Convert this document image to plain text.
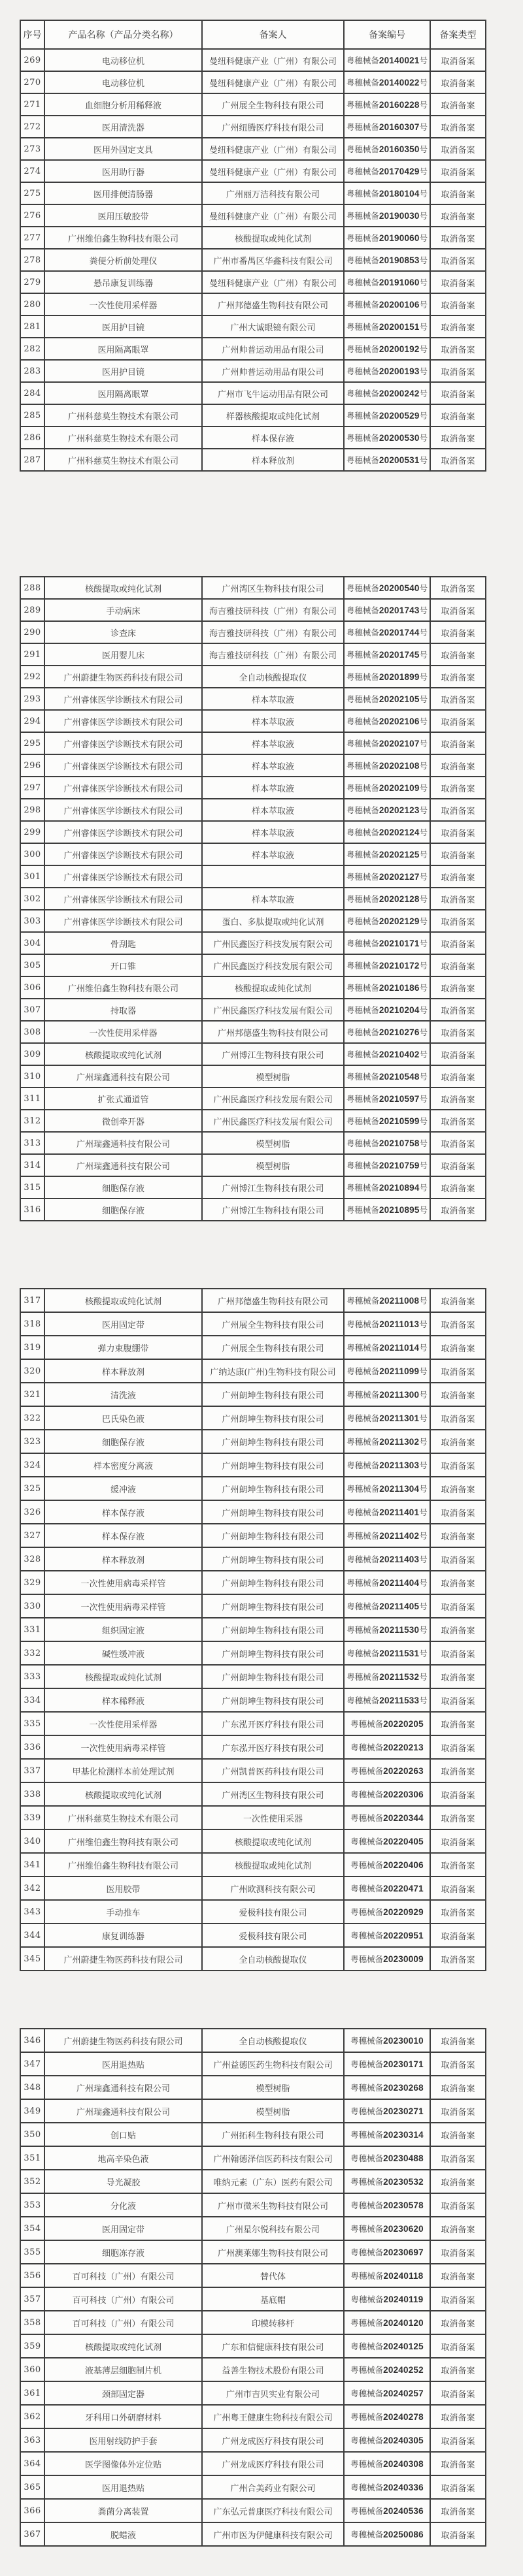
序号	产品名称（产品分类名称）	备案人	备案编号	备案类型
269	电动移位机	曼纽科健康产业（广州）有限公司	粤穗械备20140021号	取消备案
270	电动移位机	曼纽科健康产业（广州）有限公司	粤穗械备20140022号	取消备案
271	血细胞分析用稀释液	广州展全生物科技有限公司	粤穗械备20160228号	取消备案
272	医用清洗器	广州纽腾医疗科技有限公司	粤穗械备20160307号	取消备案
273	医用外固定支具	曼纽科健康产业（广州）有限公司	粤穗械备20160350号	取消备案
274	医用助行器	曼纽科健康产业（广州）有限公司	粤穗械备20170429号	取消备案
275	医用排便清肠器	广州丽万洁科技有限公司	粤穗械备20180104号	取消备案
276	医用压敏胶带	曼纽科健康产业（广州）有限公司	粤穗械备20190030号	取消备案
277	广州维伯鑫生物科技有限公司	核酸提取或纯化试剂	粤穗械备20190060号	取消备案
278	粪便分析前处理仪	广州市番禺区华鑫科技有限公司	粤穗械备20190853号	取消备案
279	悬吊康复训练器	曼纽科健康产业（广州）有限公司	粤穗械备20191060号	取消备案
280	一次性使用采样器	广州邦德盛生物科技有限公司	粤穗械备20200106号	取消备案
281	医用护目镜	广州大诚眼镜有限公司	粤穗械备20200151号	取消备案
282	医用隔离眼罩	广州帅普运动用品有限公司	粤穗械备20200192号	取消备案
283	医用护目镜	广州帅普运动用品有限公司	粤穗械备20200193号	取消备案
284	医用隔离眼罩	广州市飞牛运动用品有限公司	粤穗械备20200242号	取消备案
285	广州科慈莫生物技术有限公司	样器核酸提取或纯化试剂	粤穗械备20200529号	取消备案
286	广州科慈莫生物技术有限公司	样本保存液	粤穗械备20200530号	取消备案
287	广州科慈莫生物技术有限公司	样本释放剂	粤穗械备20200531号	取消备案
288	核酸提取或纯化试剂	广州湾区生物科技有限公司	粤穗械备20200540号	取消备案
289	手动病床	海吉雅技研科技（广州）有限公司	粤穗械备20201743号	取消备案
290	诊查床	海吉雅技研科技（广州）有限公司	粤穗械备20201744号	取消备案
291	医用婴儿床	海吉雅技研科技（广州）有限公司	粤穗械备20201745号	取消备案
292	广州蔚捷生物医药科技有限公司	全自动核酸提取仪	粤穗械备20201899号	取消备案
293	广州睿俫医学诊断技术有限公司	样本萃取液	粤穗械备20202105号	取消备案
294	广州睿俫医学诊断技术有限公司	样本萃取液	粤穗械备20202106号	取消备案
295	广州睿俫医学诊断技术有限公司	样本萃取液	粤穗械备20202107号	取消备案
296	广州睿俫医学诊断技术有限公司	样本萃取液	粤穗械备20202108号	取消备案
297	广州睿俫医学诊断技术有限公司	样本萃取液	粤穗械备20202109号	取消备案
298	广州睿俫医学诊断技术有限公司	样本萃取液	粤穗械备20202123号	取消备案
299	广州睿俫医学诊断技术有限公司	样本萃取液	粤穗械备20202124号	取消备案
300	广州睿俫医学诊断技术有限公司	样本萃取液	粤穗械备20202125号	取消备案
301	广州睿俫医学诊断技术有限公司		粤穗械备20202127号	取消备案
302	广州睿俫医学诊断技术有限公司	样本萃取液	粤穗械备20202128号	取消备案
303	广州睿俫医学诊断技术有限公司	蛋白、多肽提取或纯化试剂	粤穗械备20202129号	取消备案
304	骨刮匙	广州民鑫医疗科技发展有限公司	粤穗械备20210171号	取消备案
305	开口锥	广州民鑫医疗科技发展有限公司	粤穗械备20210172号	取消备案
306	广州维伯鑫生物科技有限公司	核酸提取或纯化试剂	粤穗械备20210186号	取消备案
307	持取器	广州民鑫医疗科技发展有限公司	粤穗械备20210204号	取消备案
308	一次性使用采样器	广州邦德盛生物科技有限公司	粤穗械备20210276号	取消备案
309	核酸提取或纯化试剂	广州博江生物科技有限公司	粤穗械备20210402号	取消备案
310	广州瑞鑫通科技有限公司	模型树脂	粤穗械备20210548号	取消备案
311	扩张式通道管	广州民鑫医疗科技发展有限公司	粤穗械备20210597号	取消备案
312	微创牵开器	广州民鑫医疗科技发展有限公司	粤穗械备20210599号	取消备案
313	广州瑞鑫通科技有限公司	模型树脂	粤穗械备20210758号	取消备案
314	广州瑞鑫通科技有限公司	模型树脂	粤穗械备20210759号	取消备案
315	细胞保存液	广州博江生物科技有限公司	粤穗械备20210894号	取消备案
316	细胞保存液	广州博江生物科技有限公司	粤穗械备20210895号	取消备案
317	核酸提取或纯化试剂	广州邦德盛生物科技有限公司	粤穗械备20211008号	取消备案
318	医用固定带	广州展全生物科技有限公司	粤穗械备20211013号	取消备案
319	弹力束腹绷带	广州展全生物科技有限公司	粤穗械备20211014号	取消备案
320	样本释放剂	广纳达康(广州)生物科技有限公司	粤穗械备20211099号	取消备案
321	清洗液	广州朗坤生物科技有限公司	粤穗械备20211300号	取消备案
322	巴氏染色液	广州朗坤生物科技有限公司	粤穗械备20211301号	取消备案
323	细胞保存液	广州朗坤生物科技有限公司	粤穗械备20211302号	取消备案
324	样本密度分离液	广州朗坤生物科技有限公司	粤穗械备20211303号	取消备案
325	缓冲液	广州朗坤生物科技有限公司	粤穗械备20211304号	取消备案
326	样本保存液	广州朗坤生物科技有限公司	粤穗械备20211401号	取消备案
327	样本保存液	广州朗坤生物科技有限公司	粤穗械备20211402号	取消备案
328	样本释放剂	广州朗坤生物科技有限公司	粤穗械备20211403号	取消备案
329	一次性使用病毒采样管	广州朗坤生物科技有限公司	粤穗械备20211404号	取消备案
330	一次性使用病毒采样管	广州朗坤生物科技有限公司	粤穗械备20211405号	取消备案
331	组织固定液	广州朗坤生物科技有限公司	粤穗械备20211530号	取消备案
332	碱性缓冲液	广州朗坤生物科技有限公司	粤穗械备20211531号	取消备案
333	核酸提取或纯化试剂	广州朗坤生物科技有限公司	粤穗械备20211532号	取消备案
334	样本稀释液	广州朗坤生物科技有限公司	粤穗械备20211533号	取消备案
335	一次性使用采样器	广东泓开医疗科技有限公司	粤穗械备20220205	取消备案
336	一次性使用病毒采样管	广东泓开医疗科技有限公司	粤穗械备20220213	取消备案
337	甲基化检测样本前处理试剂	广州凯普医药科技有限公司	粤穗械备20220263	取消备案
338	核酸提取或纯化试剂	广州湾区生物科技有限公司	粤穗械备20220306	取消备案
339	广州科慈莫生物技术有限公司	一次性使用采器	粤穗械备20220344	取消备案
340	广州维伯鑫生物科技有限公司	核酸提取或纯化试剂	粤穗械备20220405	取消备案
341	广州维伯鑫生物科技有限公司	核酸提取或纯化试剂	粤穗械备20220406	取消备案
342	医用胶带	广州欧测科技有限公司	粤穗械备20220471	取消备案
343	手动推车	爱极科技有限公司	粤穗械备20220929	取消备案
344	康复训练器	爱极科技有限公司	粤穗械备20220951	取消备案
345	广州蔚捷生物医药科技有限公司	全自动核酸提取仪	粤穗械备20230009	取消备案
346	广州蔚捷生物医药科技有限公司	全自动核酸提取仪	粤穗械备20230010	取消备案
347	医用退热贴	广州益德医药生物科技有限公司	粤穗械备20230171	取消备案
348	广州瑞鑫通科技有限公司	模型树脂	粤穗械备20230268	取消备案
349	广州瑞鑫通科技有限公司	模型树脂	粤穗械备20230271	取消备案
350	创口贴	广州拓科生物科技有限公司	粤穗械备20230314	取消备案
351	地高辛染色液	广州翰德泽信医药科技有限公司	粤穗械备20230488	取消备案
352	导光凝胶	唯纳元素（广东）医药有限公司	粤穗械备20230532	取消备案
353	分化液	广州市微米生物科技有限公司	粤穗械备20230578	取消备案
354	医用固定带	广州星尔悦科技有限公司	粤穗械备20230620	取消备案
355	细胞冻存液	广州澳莱娜生物科技有限公司	粤穗械备20230697	取消备案
356	百可科技（广州）有限公司	替代体	粤穗械备20240118	取消备案
357	百可科技（广州）有限公司	基底帽	粤穗械备20240119	取消备案
358	百可科技（广州）有限公司	印模转移杆	粤穗械备20240120	取消备案
359	核酸提取或纯化试剂	广东和信健康科技有限公司	粤穗械备20240125	取消备案
360	液基薄层细胞制片机	益善生物技术股份有限公司	粤穗械备20240252	取消备案
361	颈部固定器	广州市吉贝实业有限公司	粤穗械备20240257	取消备案
362	牙科用口外研磨材料	广州粤王健康生物科技有限公司	粤穗械备20240278	取消备案
363	医用射线防护手套	广州龙成医疗科技有限公司	粤穗械备20240305	取消备案
364	医学图像体外定位贴	广州龙成医疗科技有限公司	粤穗械备20240308	取消备案
365	医用退热贴	广州合美药业有限公司	粤穗械备20240336	取消备案
366	粪菌分离装置	广东弘元普康医疗科技有限公司	粤穗械备20240536	取消备案
367	脱蜡液	广州市医为伊健康科技有限公司	粤穗械备20250086	取消备案
